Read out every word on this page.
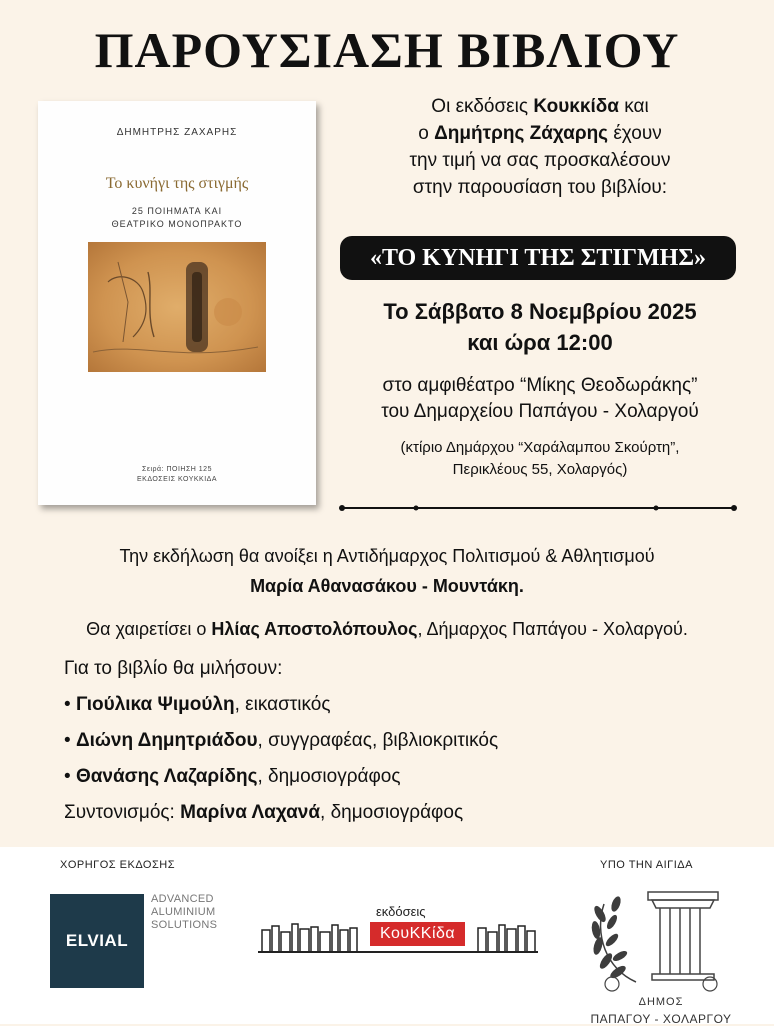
ΠΑΡΟΥΣΙΑΣΗ ΒΙΒΛΙΟΥ
ΔΗΜΗΤΡΗΣ ΖΑΧΑΡΗΣ
Το κυνήγι της στιγμής
25 ΠΟΙΗΜΑΤΑ ΚΑΙ
ΘΕΑΤΡΙΚΟ ΜΟΝΟΠΡΑΚΤΟ
Σειρά: ΠΟΙΗΣΗ 125
ΕΚΔΟΣΕΙΣ ΚΟΥΚΚΙΔΑ
Οι εκδόσεις Κουκκίδα και
ο Δημήτρης Ζάχαρης έχουν
την τιμή να σας προσκαλέσουν
στην παρουσίαση του βιβλίου:
«ΤΟ ΚΥΝΗΓΙ ΤΗΣ ΣΤΙΓΜΗΣ»
Το Σάββατο 8 Νοεμβρίου 2025
και ώρα 12:00
στο αμφιθέατρο “Μίκης Θεοδωράκης”
του Δημαρχείου Παπάγου - Χολαργού
(κτίριο Δημάρχου “Χαράλαμπου Σκούρτη”,
Περικλέους 55, Χολαργός)
Την εκδήλωση θα ανοίξει η Αντιδήμαρχος Πολιτισμού & Αθλητισμού
Μαρία Αθανασάκου - Μουντάκη.
Θα χαιρετίσει ο Ηλίας Αποστολόπουλος, Δήμαρχος Παπάγου - Χολαργού.
Για το βιβλίο θα μιλήσουν:
• Γιούλικα Ψιμούλη, εικαστικός
• Διώνη Δημητριάδου, συγγραφέας, βιβλιοκριτικός
• Θανάσης Λαζαρίδης, δημοσιογράφος
Συντονισμός: Μαρίνα Λαχανά, δημοσιογράφος
ΧΟΡΗΓΟΣ ΕΚΔΟΣΗΣ
ELVIAL
ADVANCED
ALUMINIUM
SOLUTIONS
εκδόσεις
ΚουΚΚίδα
ΥΠΟ ΤΗΝ ΑΙΓΙΔΑ
ΔΗΜΟΣ
ΠΑΠΑΓΟΥ - ΧΟΛΑΡΓΟΥ
